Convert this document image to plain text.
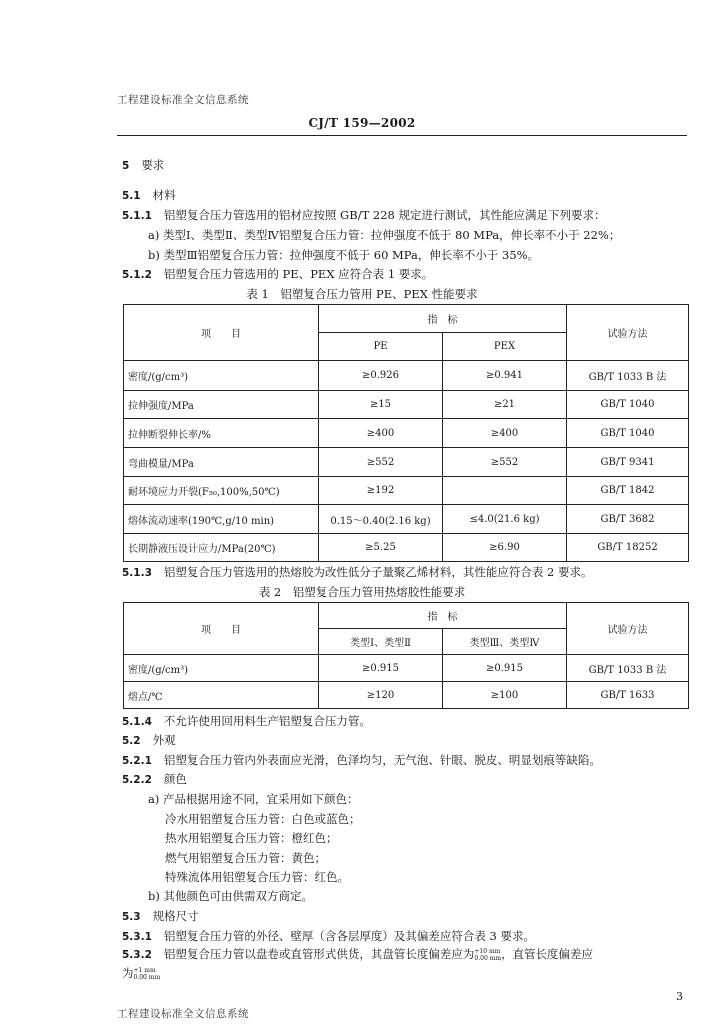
工程建设标准全文信息系统
CJ/T 159—2002
5 要求
5.1 材料
5.1.1 铝塑复合压力管选用的铝材应按照 GB/T 228 规定进行测试，其性能应满足下列要求：
a) 类型Ⅰ、类型Ⅱ、类型Ⅳ铝塑复合压力管：拉伸强度不低于 80 MPa，伸长率不小于 22%；
b) 类型Ⅲ铝塑复合压力管：拉伸强度不低于 60 MPa，伸长率不小于 35%。
5.1.2 铝塑复合压力管选用的 PE、PEX 应符合表 1 要求。
表 1　铝塑复合压力管用 PE、PEX 性能要求
项　　目	指　标		试验方法
	PE	PEX	
密度/(g/cm³)	≥0.926	≥0.941	GB/T 1033 B 法
拉伸强度/MPa	≥15	≥21	GB/T 1040
拉伸断裂伸长率/%	≥400	≥400	GB/T 1040
弯曲模量/MPa	≥552	≥552	GB/T 9341
耐环境应力开裂(F₅₀,100%,50℃)	≥192		GB/T 1842
熔体流动速率(190℃,g/10 min)	0.15～0.40(2.16 kg)	≤4.0(21.6 kg)	GB/T 3682
长期静液压设计应力/MPa(20℃)	≥5.25	≥6.90	GB/T 18252
5.1.3 铝塑复合压力管选用的热熔胶为改性低分子量聚乙烯材料，其性能应符合表 2 要求。
表 2　铝塑复合压力管用热熔胶性能要求
项　　目	指　标		试验方法
	类型Ⅰ、类型Ⅱ	类型Ⅲ、类型Ⅳ	
密度/(g/cm³)	≥0.915	≥0.915	GB/T 1033 B 法
熔点/℃	≥120	≥100	GB/T 1633
5.1.4 不允许使用回用料生产铝塑复合压力管。
5.2 外观
5.2.1 铝塑复合压力管内外表面应光滑，色泽均匀，无气泡、针眼、脱皮、明显划痕等缺陷。
5.2.2 颜色
a) 产品根据用途不同，宜采用如下颜色：
冷水用铝塑复合压力管：白色或蓝色；
热水用铝塑复合压力管：橙红色；
燃气用铝塑复合压力管：黄色；
特殊流体用铝塑复合压力管：红色。
b) 其他颜色可由供需双方商定。
5.3 规格尺寸
5.3.1 铝塑复合压力管的外径、壁厚（含各层厚度）及其偏差应符合表 3 要求。
5.3.2 铝塑复合压力管以盘卷或直管形式供货，其盘管长度偏差应为+10 mm
0.00 mm，直管长度偏差应
为+1 mm
0.00 mm
3
工程建设标准全文信息系统
